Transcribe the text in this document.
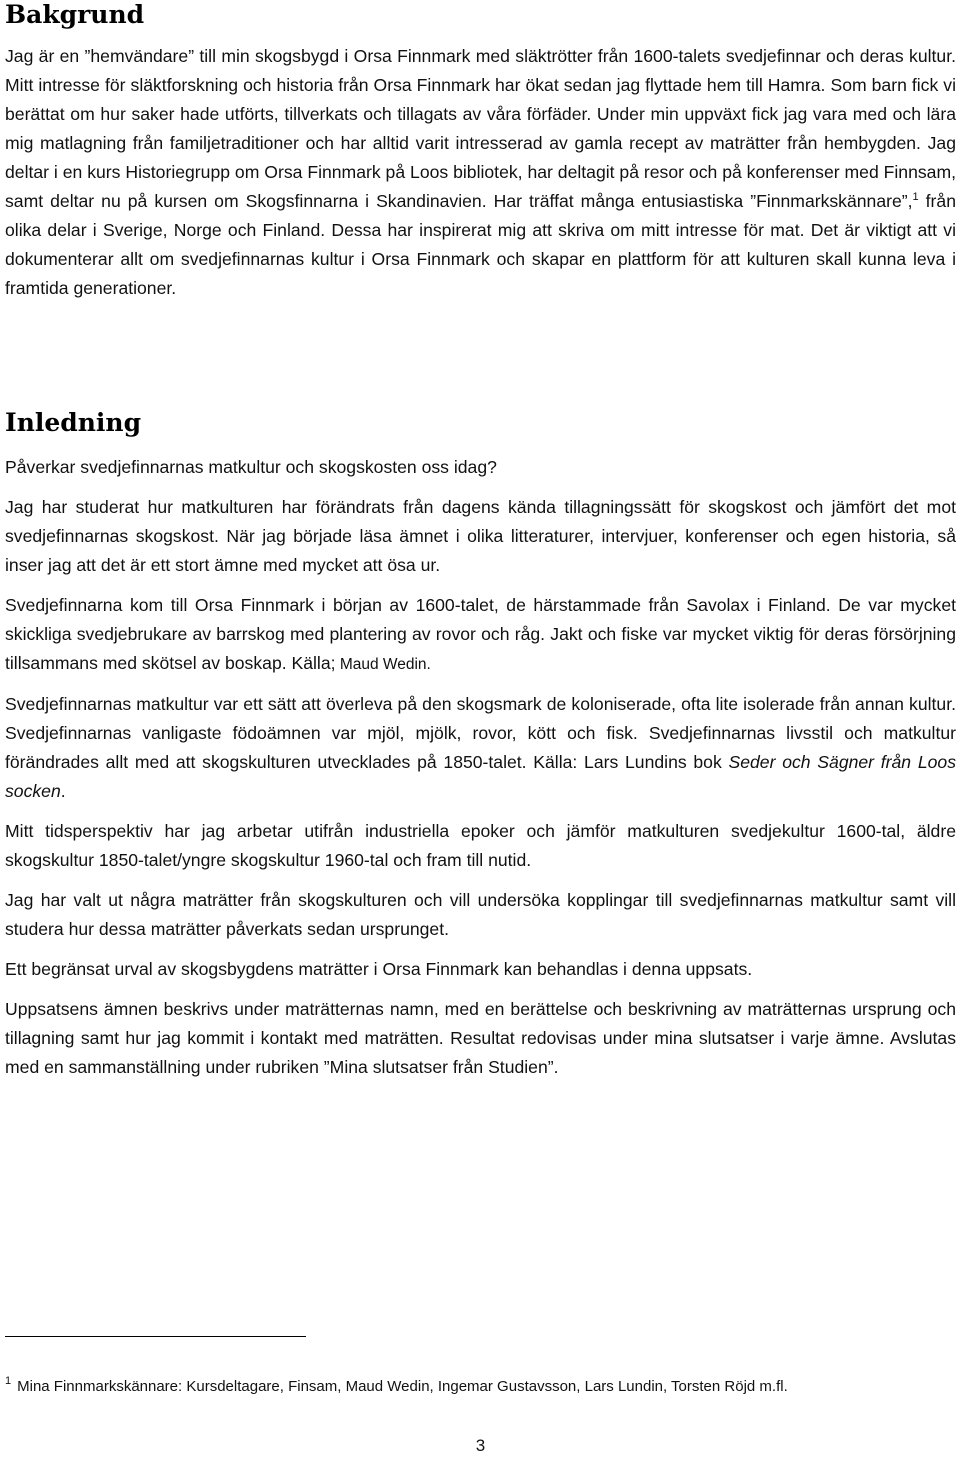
Bakgrund

Jag är en ”hemvändare” till min skogsbygd i Orsa Finnmark med släktrötter från 1600-talets svedjefinnar och deras kultur. Mitt intresse för släktforskning och historia från Orsa Finnmark har ökat sedan jag flyttade hem till Hamra. Som barn fick vi berättat om hur saker hade utförts, tillverkats och tillagats av våra förfäder. Under min uppväxt fick jag vara med och lära mig matlagning från familjetraditioner och har alltid varit intresserad av gamla recept av maträtter från hembygden. Jag deltar i en kurs Historiegrupp om Orsa Finnmark på Loos bibliotek, har deltagit på resor och på konferenser med Finnsam, samt deltar nu på kursen om Skogsfinnarna i Skandinavien. Har träffat många entusiastiska ”Finnmarkskännare”,$^1$ från olika delar i Sverige, Norge och Finland. Dessa har inspirerat mig att skriva om mitt intresse för mat. Det är viktigt att vi dokumenterar allt om svedjefinnarnas kultur i Orsa Finnmark och skapar en plattform för att kulturen skall kunna leva i framtida generationer.

Inledning

Påverkar svedjefinnarnas matkultur och skogskosten oss idag?

Jag har studerat hur matkulturen har förändrats från dagens kända tillagningssätt för skogskost och jämfört det mot svedjefinnarnas skogskost. När jag började läsa ämnet i olika litteraturer, intervjuer, konferenser och egen historia, så inser jag att det är ett stort ämne med mycket att ösa ur.

Svedjefinnarna kom till Orsa Finnmark i början av 1600-talet, de härstammade från Savolax i Finland. De var mycket skickliga svedjebrukare av barrskog med plantering av rovor och råg. Jakt och fiske var mycket viktig för deras försörjning tillsammans med skötsel av boskap. Källa; Maud Wedin.

Svedjefinnarnas matkultur var ett sätt att överleva på den skogsmark de koloniserade, ofta lite isolerade från annan kultur. Svedjefinnarnas vanligaste födoämnen var mjöl, mjölk, rovor, kött och fisk. Svedjefinnarnas livsstil och matkultur förändrades allt med att skogskulturen utvecklades på 1850-talet. Källa: Lars Lundins bok Seder och Sägner från Loos socken.

Mitt tidsperspektiv har jag arbetar utifrån industriella epoker och jämför matkulturen svedjekultur 1600-tal, äldre skogskultur 1850-talet/yngre skogskultur 1960-tal och fram till nutid.

Jag har valt ut några maträtter från skogskulturen och vill undersöka kopplingar till svedjefinnarnas matkultur samt vill studera hur dessa maträtter påverkats sedan ursprunget.

Ett begränsat urval av skogsbygdens maträtter i Orsa Finnmark kan behandlas i denna uppsats.

Uppsatsens ämnen beskrivs under maträtternas namn, med en berättelse och beskrivning av maträtternas ursprung och tillagning samt hur jag kommit i kontakt med maträtten. Resultat redovisas under mina slutsatser i varje ämne. Avslutas med en sammanställning under rubriken ”Mina slutsatser från Studien”.

$^1$ Mina Finnmarkskännare: Kursdeltagare, Finsam, Maud Wedin, Ingemar Gustavsson, Lars Lundin, Torsten Röjd m.fl.
3
